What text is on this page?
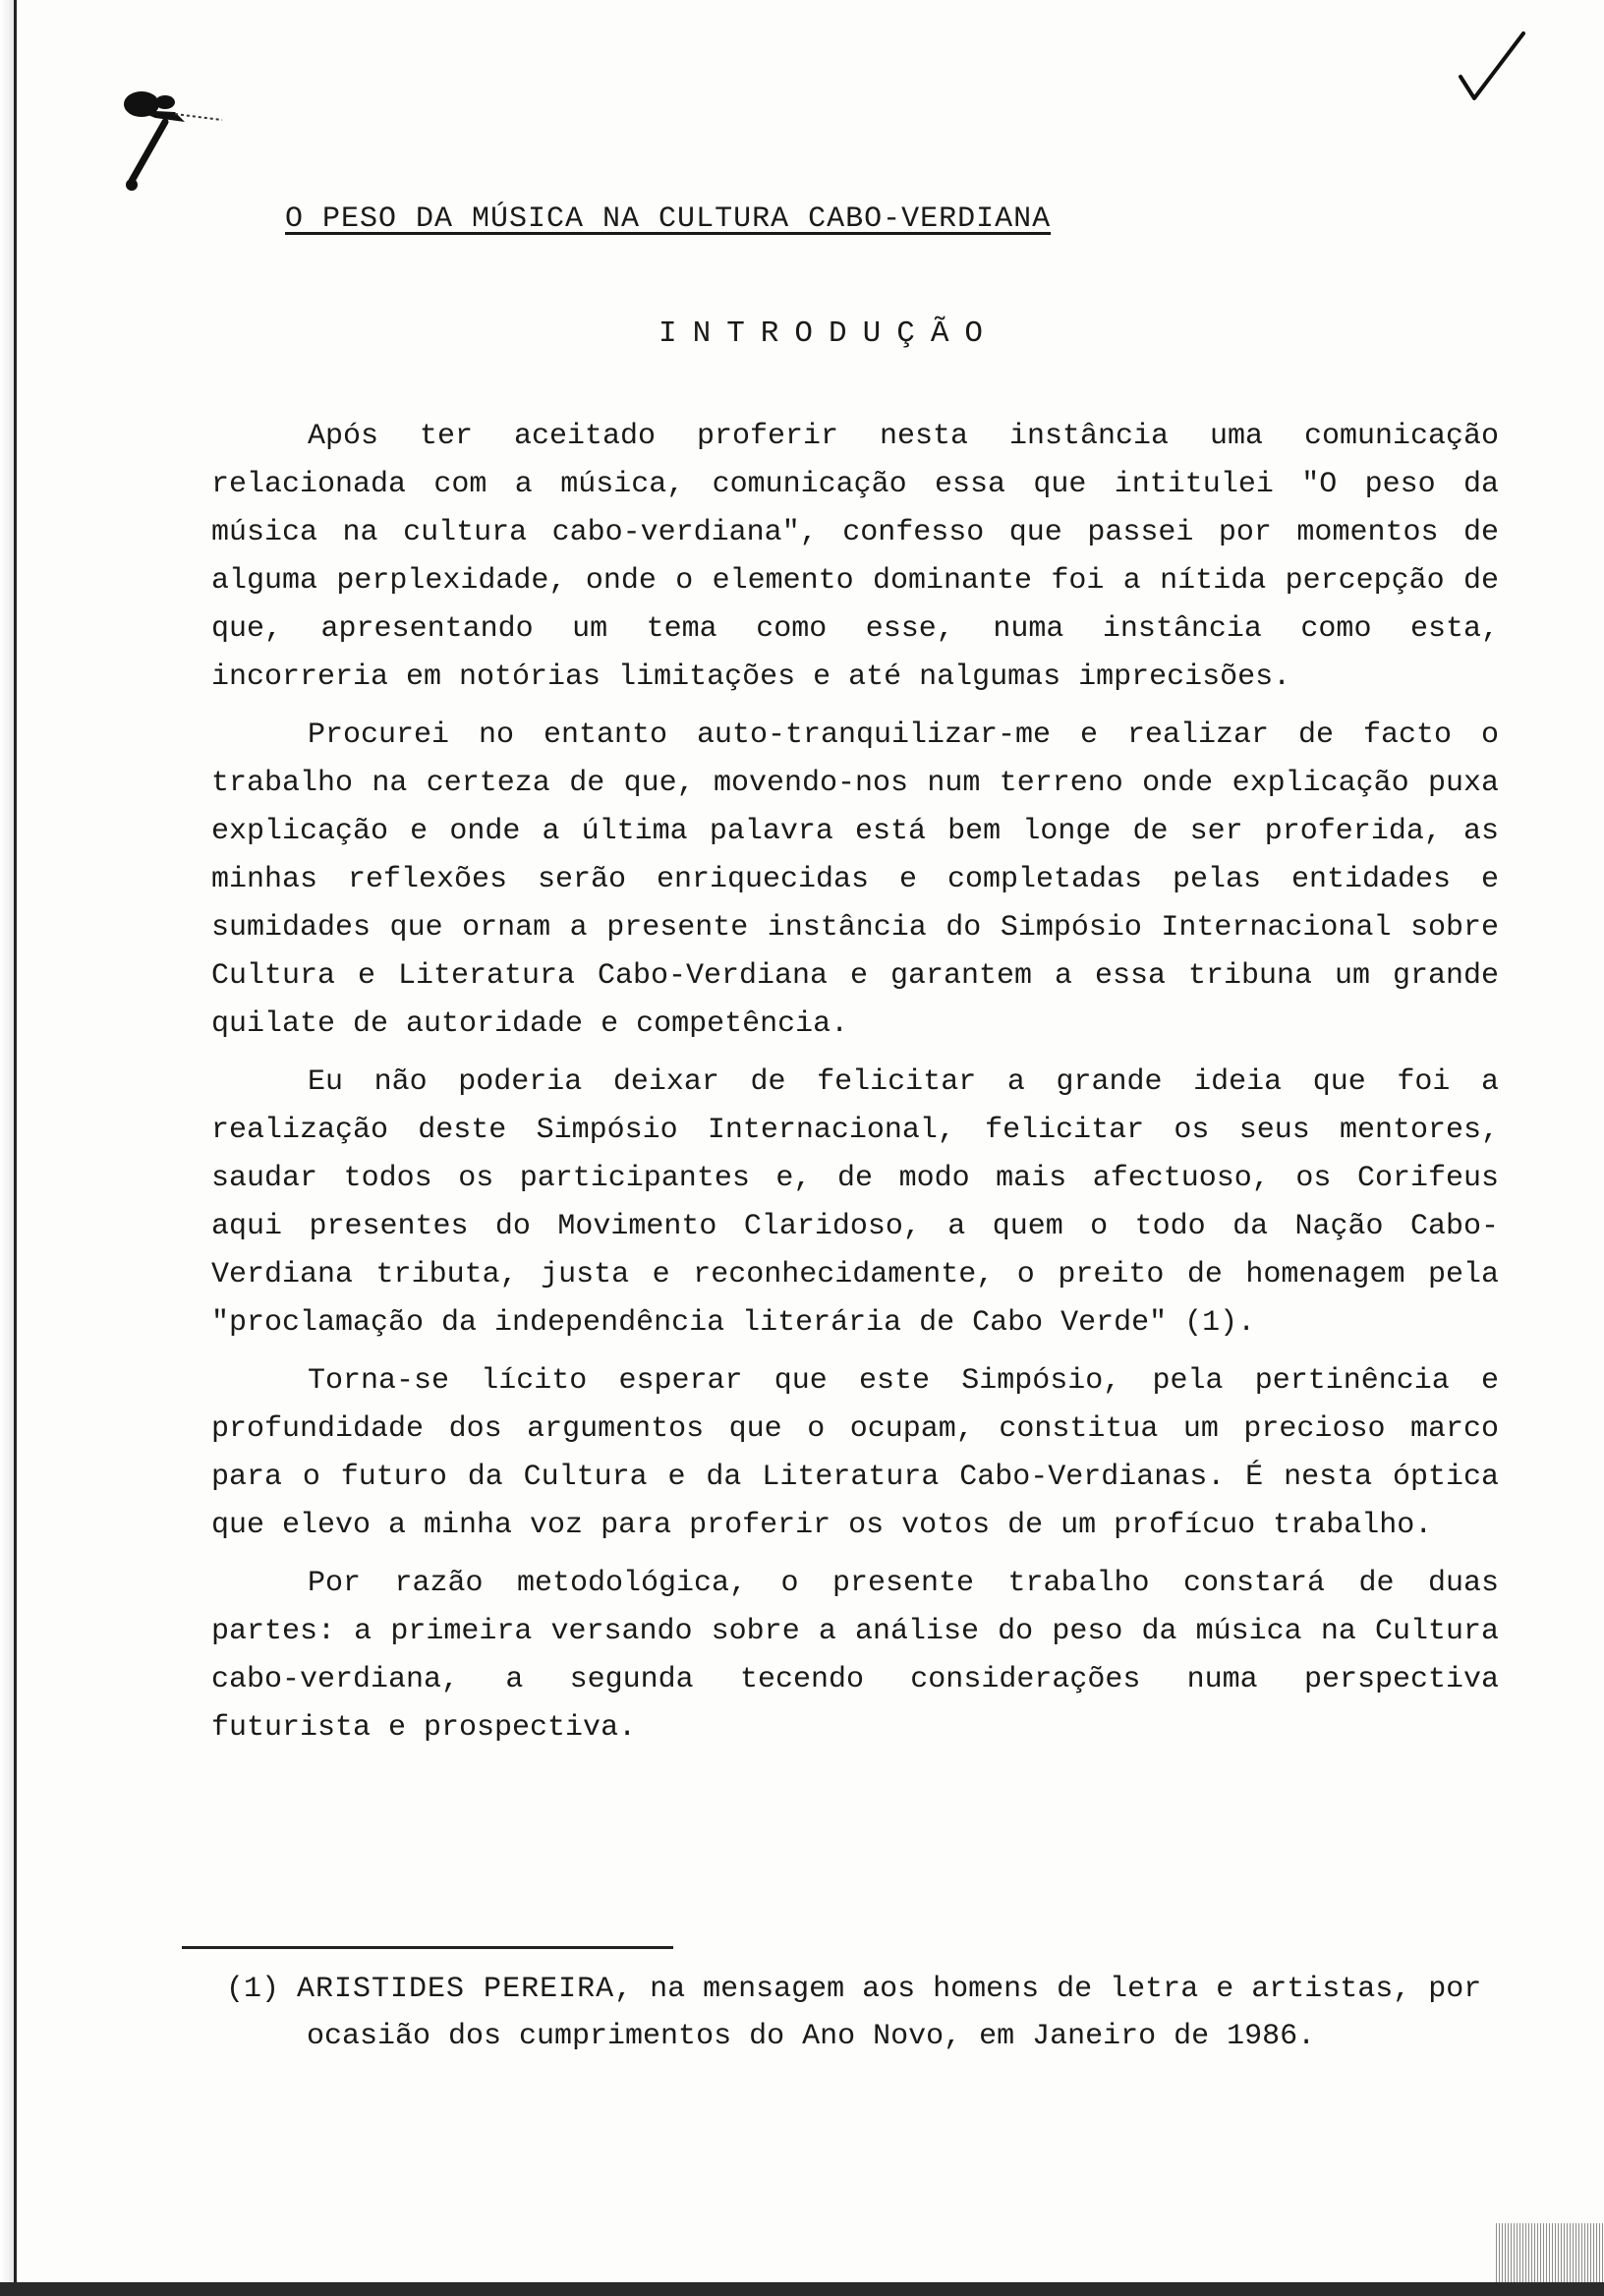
O PESO DA MÚSICA NA CULTURA CABO-VERDIANA
INTRODUÇÃO

Após ter aceitado proferir nesta instância uma comunicação relacionada com a música, comunicação essa que intitulei "O peso da música na cultura cabo-verdiana", confesso que passei por momentos de alguma perplexidade, onde o elemento dominante foi a nítida percepção de que, apresentando um tema como esse, numa instância como esta, incorreria em notórias limitações e até nalgumas imprecisões.

Procurei no entanto auto-tranquilizar-me e realizar de facto o trabalho na certeza de que, movendo-nos num terreno onde explicação puxa explicação e onde a última palavra está bem longe de ser proferida, as minhas reflexões serão enriquecidas e completadas pelas entidades e sumidades que ornam a presente instância do Simpósio Internacional sobre Cultura e Literatura Cabo-Verdiana e garantem a essa tribuna um grande quilate de autoridade e competência.

Eu não poderia deixar de felicitar a grande ideia que foi a realização deste Simpósio Internacional, felicitar os seus mentores, saudar todos os participantes e, de modo mais afectuoso, os Corifeus aqui presentes do Movimento Claridoso, a quem o todo da Nação Cabo-Verdiana tributa, justa e reconhecidamente, o preito de homenagem pela "proclamação da independência literária de Cabo Verde" (1).

Torna-se lícito esperar que este Simpósio, pela pertinência e profundidade dos argumentos que o ocupam, constitua um precioso marco para o futuro da Cultura e da Literatura Cabo-Verdianas. É nesta óptica que elevo a minha voz para proferir os votos de um profícuo trabalho.

Por razão metodológica, o presente trabalho constará de duas partes: a primeira versando sobre a análise do peso da música na Cultura cabo-verdiana, a segunda tecendo considerações numa perspectiva futurista e prospectiva.

(1) ARISTIDES PEREIRA, na mensagem aos homens de letra e artistas, por ocasião dos cumprimentos do Ano Novo, em Janeiro de 1986.
